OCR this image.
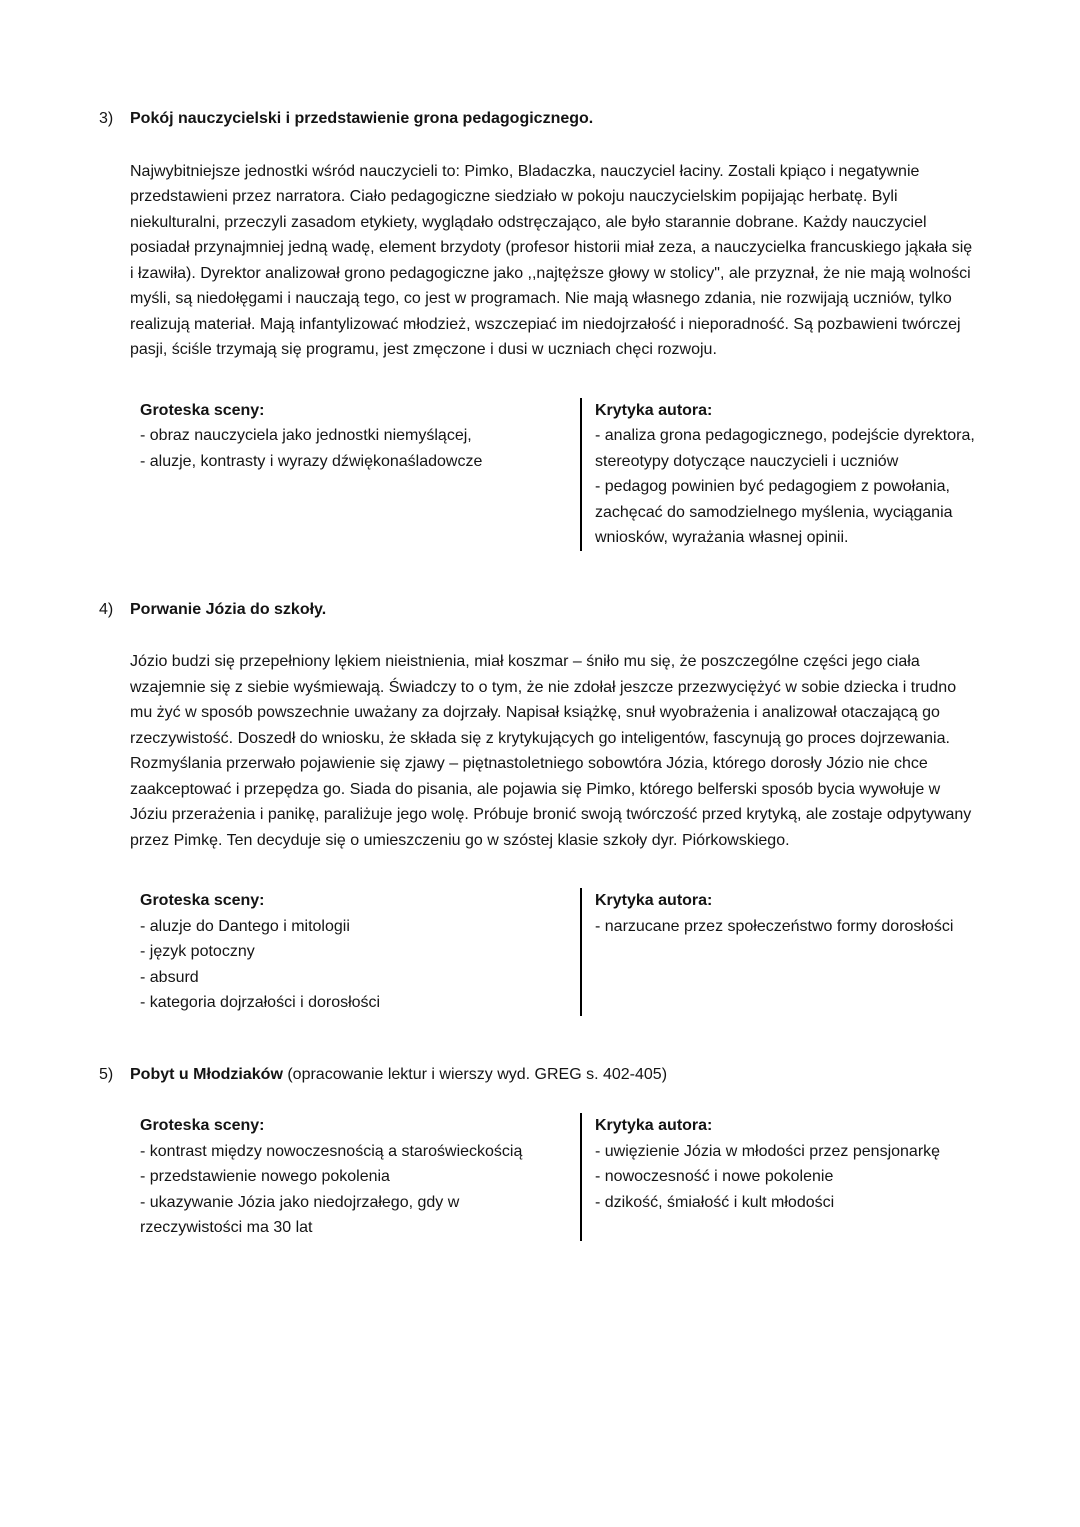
3)	Pokój nauczycielski i przedstawienie grona pedagogicznego.

Najwybitniejsze jednostki wśród nauczycieli to: Pimko, Bladaczka, nauczyciel łaciny. Zostali kpiąco i negatywnie przedstawieni przez narratora. Ciało pedagogiczne siedziało w pokoju nauczycielskim popijając herbatę. Byli niekulturalni, przeczyli zasadom etykiety, wyglądało odstręczająco, ale było starannie dobrane. Każdy nauczyciel posiadał przynajmniej jedną wadę, element brzydoty (profesor historii miał zeza, a nauczycielka francuskiego jąkała się i łzawiła). Dyrektor analizował grono pedagogiczne jako ,,najtęższe głowy w stolicy", ale przyznał, że nie mają wolności myśli, są niedołęgami i nauczają tego, co jest w programach. Nie mają własnego zdania, nie rozwijają uczniów, tylko realizują materiał. Mają infantylizować młodzież, wszczepiać im niedojrzałość i nieporadność. Są pozbawieni twórczej pasji, ściśle trzymają się programu, jest zmęczone i dusi w uczniach chęci rozwoju.

Groteska sceny:
- obraz nauczyciela jako jednostki niemyślącej,
- aluzje, kontrasty i wyrazy dźwiękonaśladowcze
Krytyka autora:
- analiza grona pedagogicznego, podejście dyrektora, stereotypy dotyczące nauczycieli i uczniów
- pedagog powinien być pedagogiem z powołania, zachęcać do samodzielnego myślenia, wyciągania wniosków, wyrażania własnej opinii.
4)	Porwanie Józia do szkoły.

Józio budzi się przepełniony lękiem nieistnienia, miał koszmar – śniło mu się, że poszczególne części jego ciała wzajemnie się z siebie wyśmiewają. Świadczy to o tym, że nie zdołał jeszcze przezwyciężyć w sobie dziecka i trudno mu żyć w sposób powszechnie uważany za dojrzały. Napisał książkę, snuł wyobrażenia i analizował otaczającą go rzeczywistość. Doszedł do wniosku, że składa się z krytykujących go inteligentów, fascynują go proces dojrzewania. Rozmyślania przerwało pojawienie się zjawy – piętnastoletniego sobowtóra Józia, którego dorosły Józio nie chce zaakceptować i przepędza go. Siada do pisania, ale pojawia się Pimko, którego belferski sposób bycia wywołuje w Józiu przerażenia i panikę, paraliżuje jego wolę. Próbuje bronić swoją twórczość przed krytyką, ale zostaje odpytywany przez Pimkę. Ten decyduje się o umieszczeniu go w szóstej klasie szkoły dyr. Piórkowskiego.

Groteska sceny:
- aluzje do Dantego i mitologii
- język potoczny
- absurd
- kategoria dojrzałości i dorosłości
Krytyka autora:
- narzucane przez społeczeństwo formy dorosłości
5)	Pobyt u Młodziaków (opracowanie lektur i wierszy wyd. GREG s. 402-405)
Groteska sceny:
- kontrast między nowoczesnością a staroświeckością
- przedstawienie nowego pokolenia
- ukazywanie Józia jako niedojrzałego, gdy w rzeczywistości ma 30 lat
Krytyka autora:
- uwięzienie Józia w młodości przez pensjonarkę
- nowoczesność i nowe pokolenie
- dzikość, śmiałość i kult młodości
